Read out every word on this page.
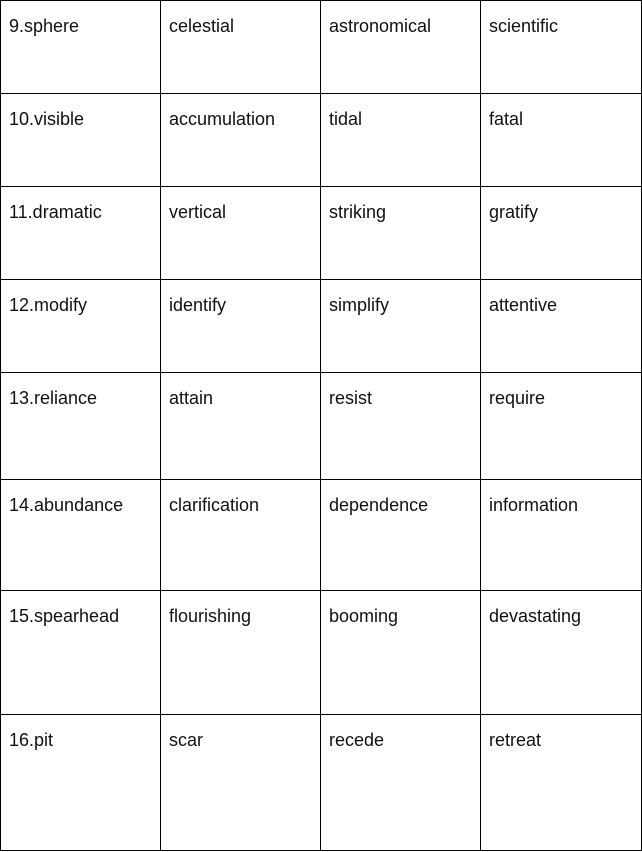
9.sphere	celestial	astronomical	scientific
10.visible	accumulation	tidal	fatal
11.dramatic	vertical	striking	gratify
12.modify	identify	simplify	attentive
13.reliance	attain	resist	require
14.abundance	clarification	dependence	information
15.spearhead	flourishing	booming	devastating
16.pit	scar	recede	retreat
